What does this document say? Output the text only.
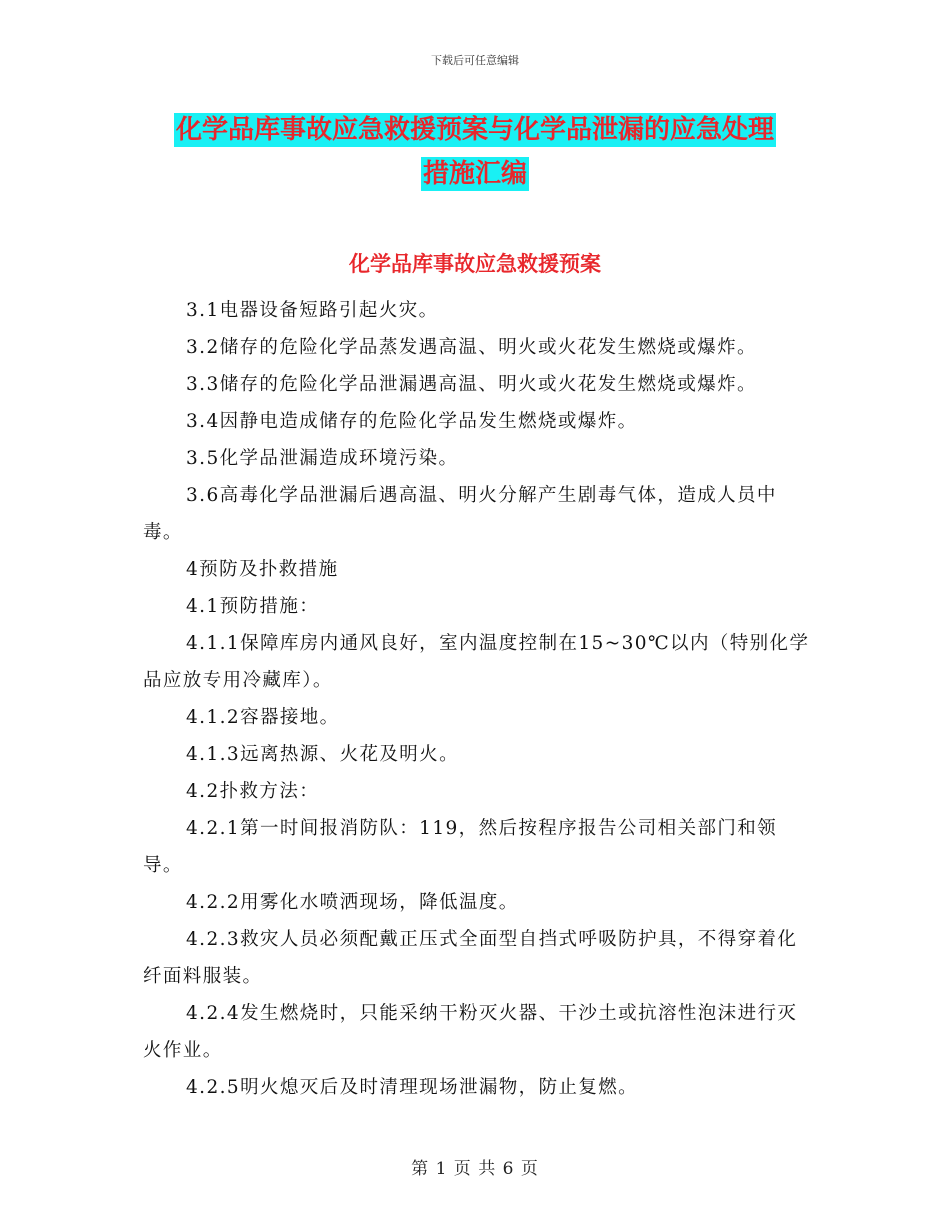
下载后可任意编辑
化学品库事故应急救援预案与化学品泄漏的应急处理
措施汇编
化学品库事故应急救援预案

3.1电器设备短路引起火灾。

3.2储存的危险化学品蒸发遇高温、明火或火花发生燃烧或爆炸。

3.3储存的危险化学品泄漏遇高温、明火或火花发生燃烧或爆炸。

3.4因静电造成储存的危险化学品发生燃烧或爆炸。

3.5化学品泄漏造成环境污染。

3.6高毒化学品泄漏后遇高温、明火分解产生剧毒气体，造成人员中毒。

4预防及扑救措施

4.1预防措施：

4.1.1保障库房内通风良好，室内温度控制在15~30℃以内（特别化学品应放专用冷藏库）。

4.1.2容器接地。

4.1.3远离热源、火花及明火。

4.2扑救方法：

4.2.1第一时间报消防队：119，然后按程序报告公司相关部门和领导。

4.2.2用雾化水喷洒现场，降低温度。

4.2.3救灾人员必须配戴正压式全面型自挡式呼吸防护具，不得穿着化纤面料服装。

4.2.4发生燃烧时，只能采纳干粉灭火器、干沙土或抗溶性泡沫进行灭火作业。

4.2.5明火熄灭后及时清理现场泄漏物，防止复燃。

第 1 页 共 6 页
